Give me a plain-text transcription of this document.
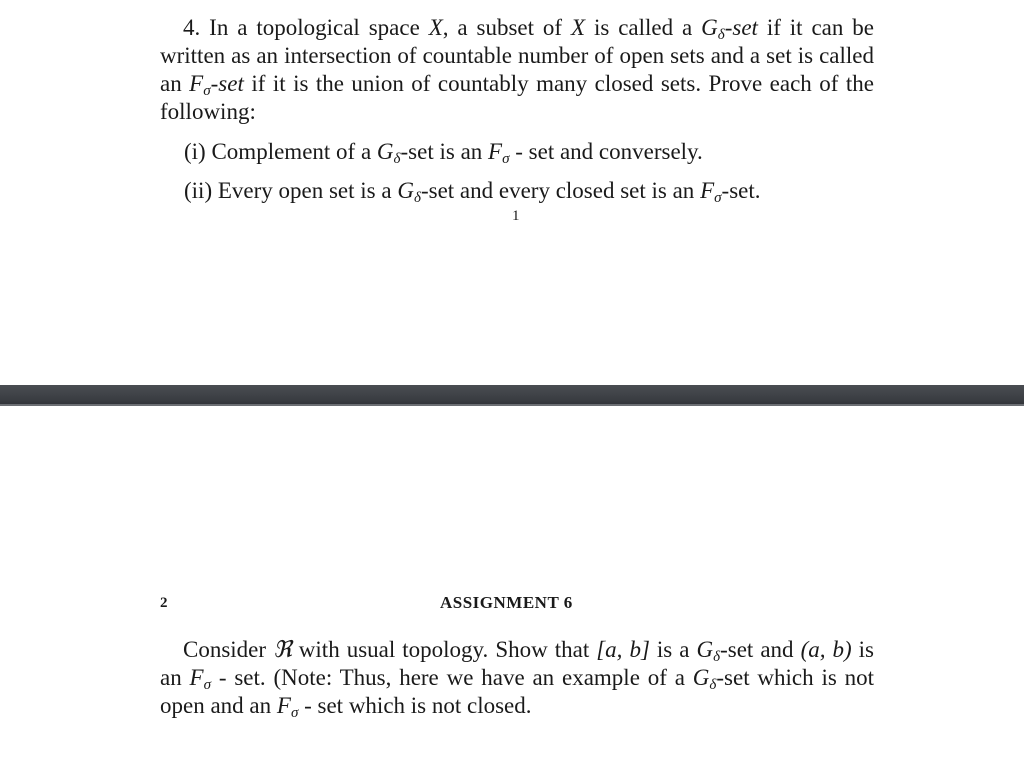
4. In a topological space X, a subset of X is called a $G_\delta$-set if it can be written as an intersection of countable number of open sets and a set is called an $F_\sigma$-set if it is the union of countably many closed sets. Prove each of the following:

(i) Complement of a $G_\delta$-set is an $F_\sigma$ - set and conversely.

(ii) Every open set is a $G_\delta$-set and every closed set is an $F_\sigma$-set.

1
2	ASSIGNMENT 6

Consider ℜ with usual topology. Show that [a, b] is a $G_\delta$-set and (a, b) is an $F_\sigma$ - set. (Note: Thus, here we have an example of a $G_\delta$-set which is not open and an $F_\sigma$ - set which is not closed.
